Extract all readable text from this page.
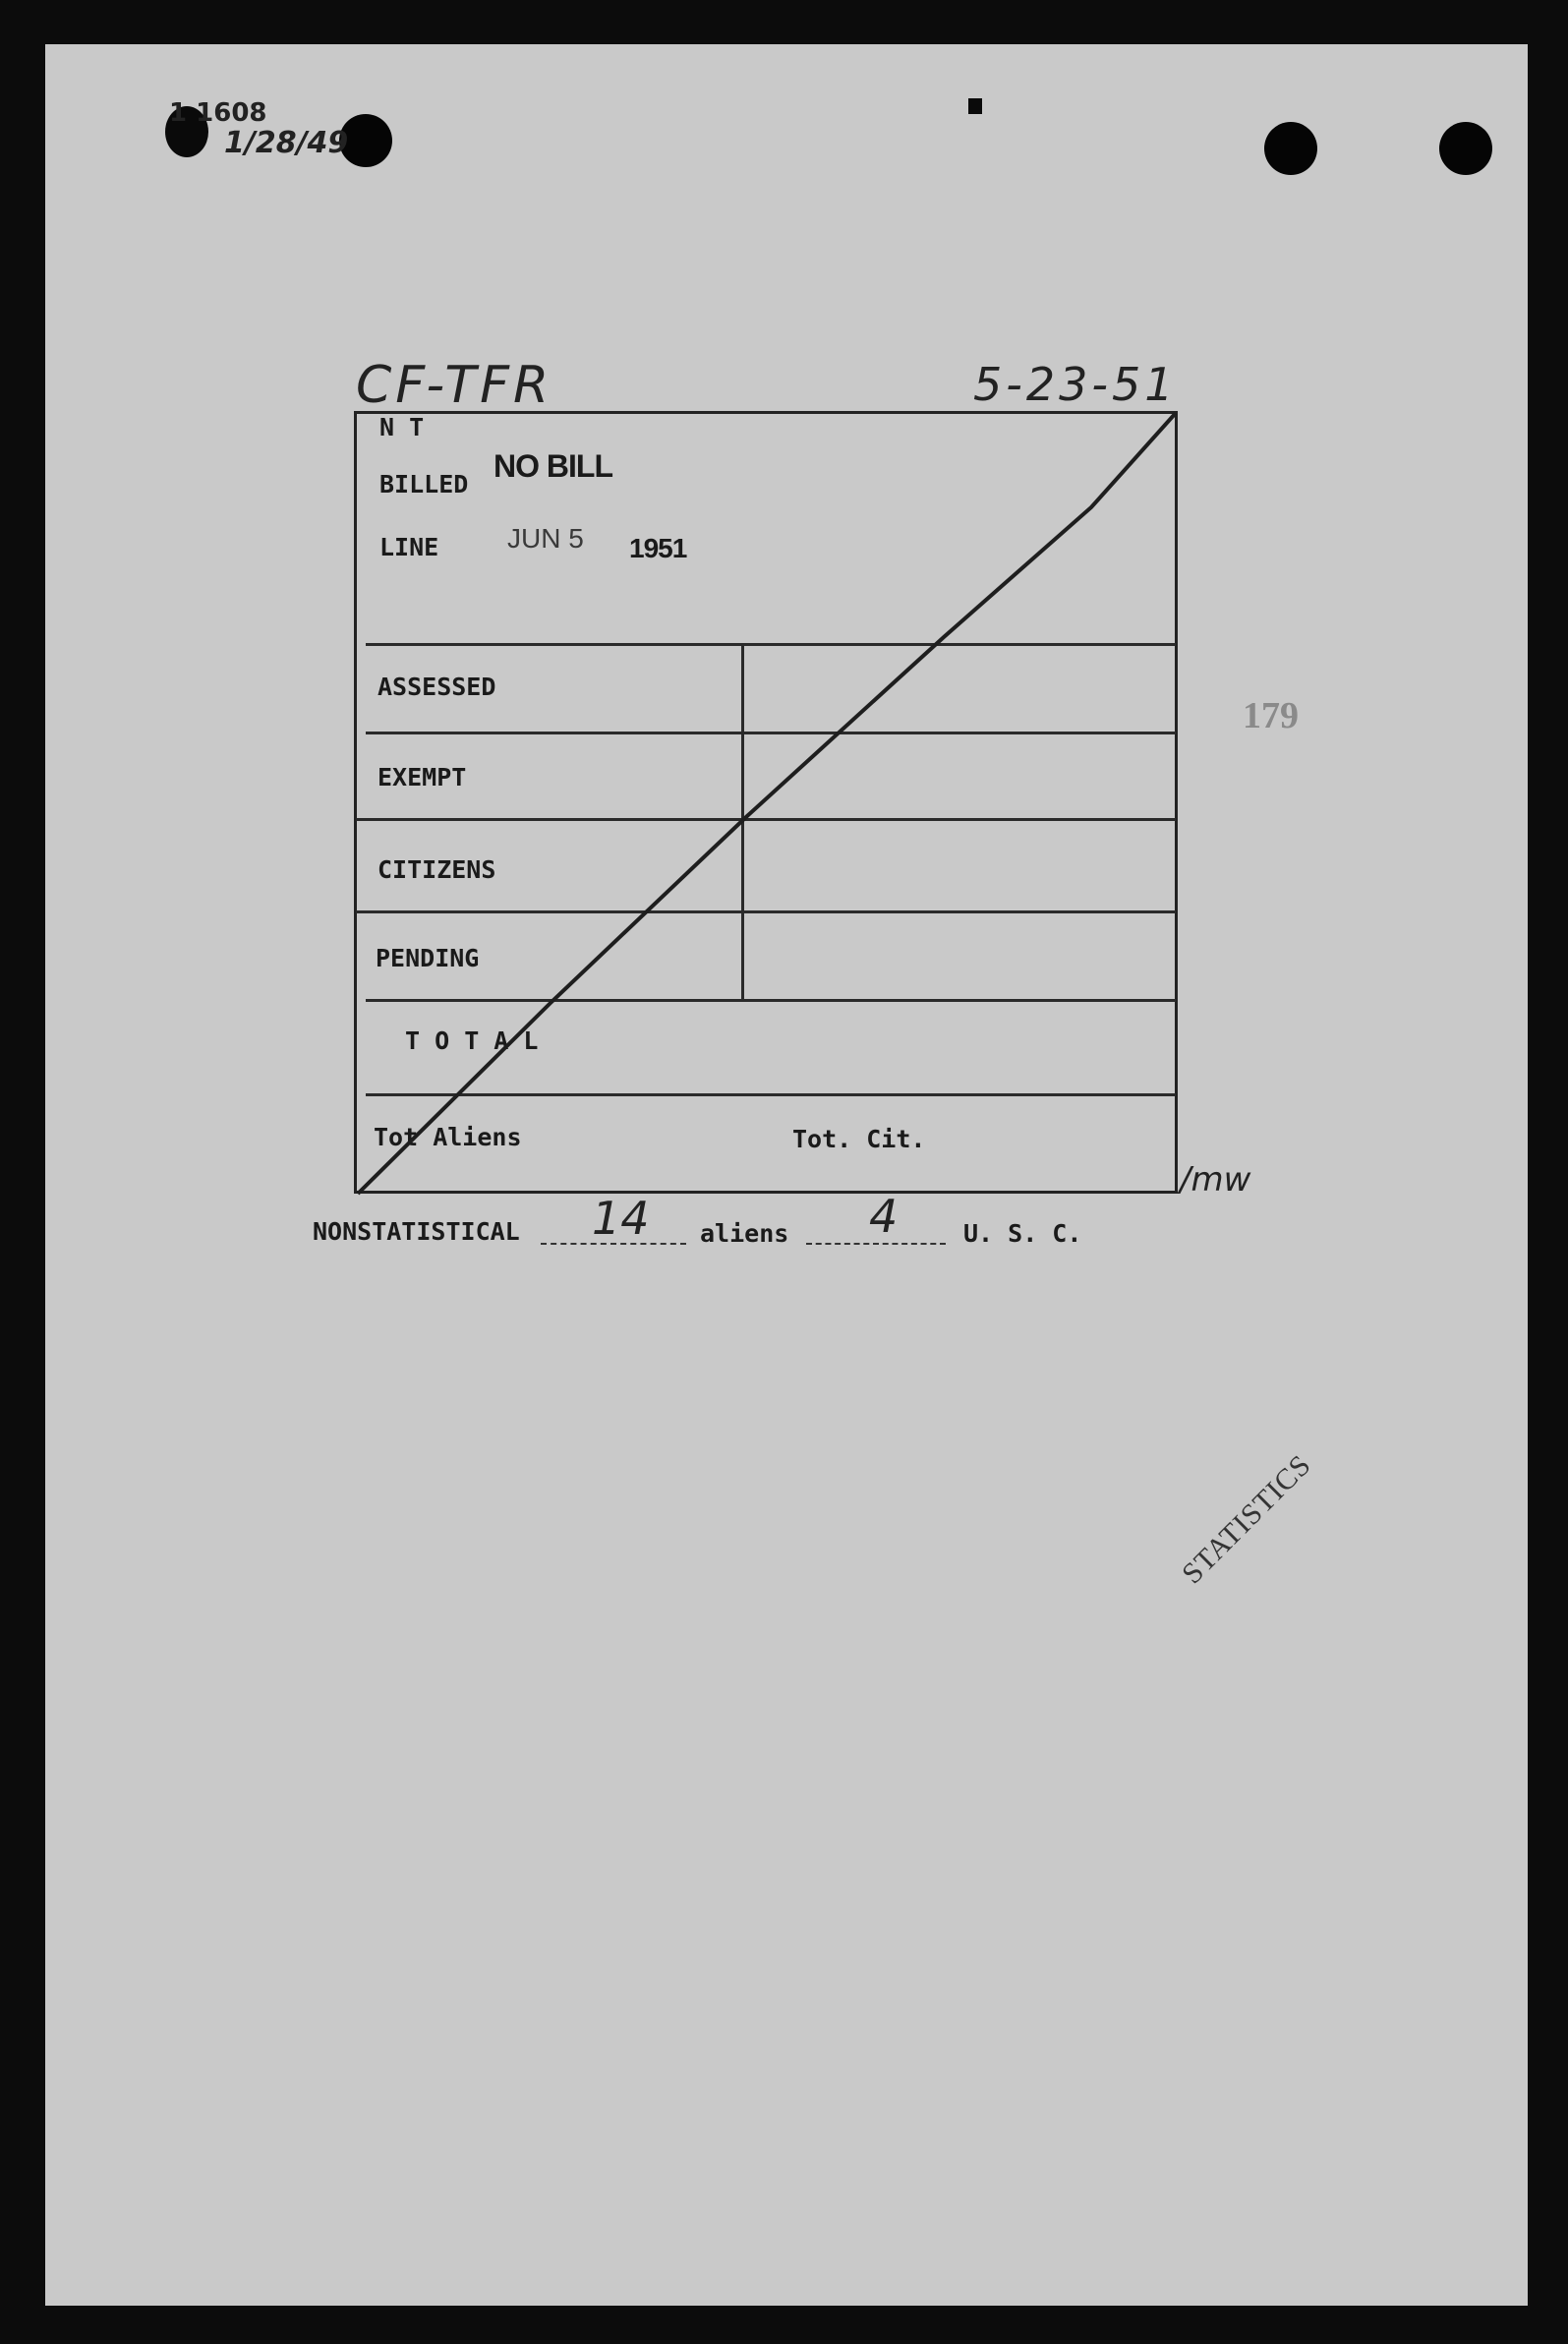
1 1608
1/28/49
CF-TFR	5-23-51
N T
BILLED
LINE
NO BILL
JUN 5 1951
ASSESSED
EXEMPT
CITIZENS
PENDING
T O T A L
Tot Aliens	Tot. Cit.
/mw
NONSTATISTICAL 14 aliens 4	U. S. C.
179
STATISTICS
